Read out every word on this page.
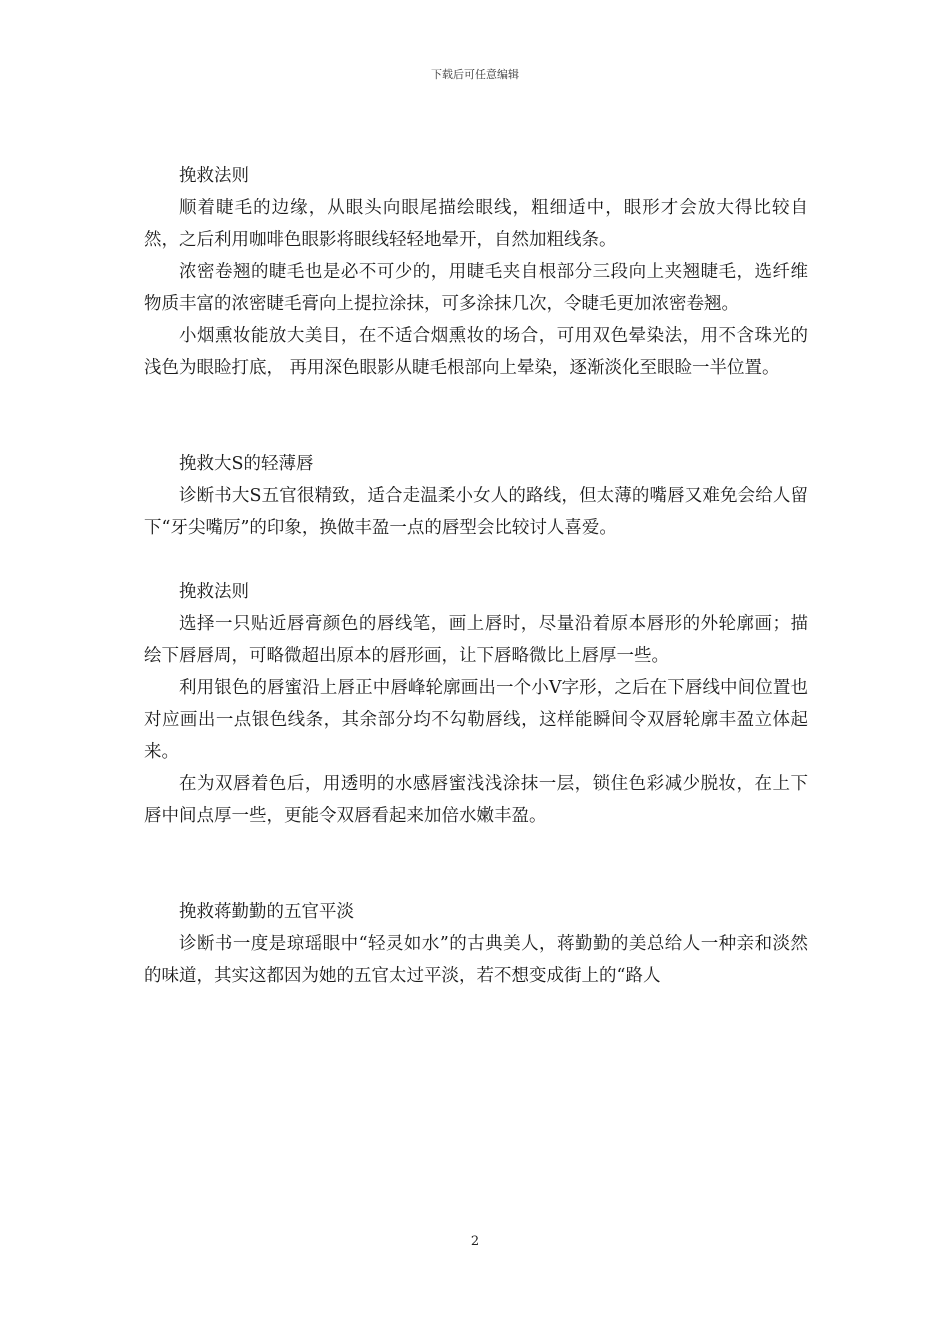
下载后可任意编辑

挽救法则

顺着睫毛的边缘，从眼头向眼尾描绘眼线，粗细适中，眼形才会放大得比较自然，之后利用咖啡色眼影将眼线轻轻地晕开，自然加粗线条。

浓密卷翘的睫毛也是必不可少的，用睫毛夹自根部分三段向上夹翘睫毛，选纤维物质丰富的浓密睫毛膏向上提拉涂抹，可多涂抹几次，令睫毛更加浓密卷翘。

小烟熏妆能放大美目，在不适合烟熏妆的场合，可用双色晕染法，用不含珠光的浅色为眼睑打底， 再用深色眼影从睫毛根部向上晕染，逐渐淡化至眼睑一半位置。

挽救大S的轻薄唇

诊断书大S五官很精致，适合走温柔小女人的路线，但太薄的嘴唇又难免会给人留下“牙尖嘴厉”的印象，换做丰盈一点的唇型会比较讨人喜爱。

挽救法则

选择一只贴近唇膏颜色的唇线笔，画上唇时，尽量沿着原本唇形的外轮廓画；描绘下唇唇周，可略微超出原本的唇形画，让下唇略微比上唇厚一些。

利用银色的唇蜜沿上唇正中唇峰轮廓画出一个小V字形，之后在下唇线中间位置也对应画出一点银色线条，其余部分均不勾勒唇线，这样能瞬间令双唇轮廓丰盈立体起来。

在为双唇着色后，用透明的水感唇蜜浅浅涂抹一层，锁住色彩减少脱妆，在上下唇中间点厚一些，更能令双唇看起来加倍水嫩丰盈。

挽救蒋勤勤的五官平淡

诊断书一度是琼瑶眼中“轻灵如水”的古典美人，蒋勤勤的美总给人一种亲和淡然的味道，其实这都因为她的五官太过平淡，若不想变成街上的“路人

2
